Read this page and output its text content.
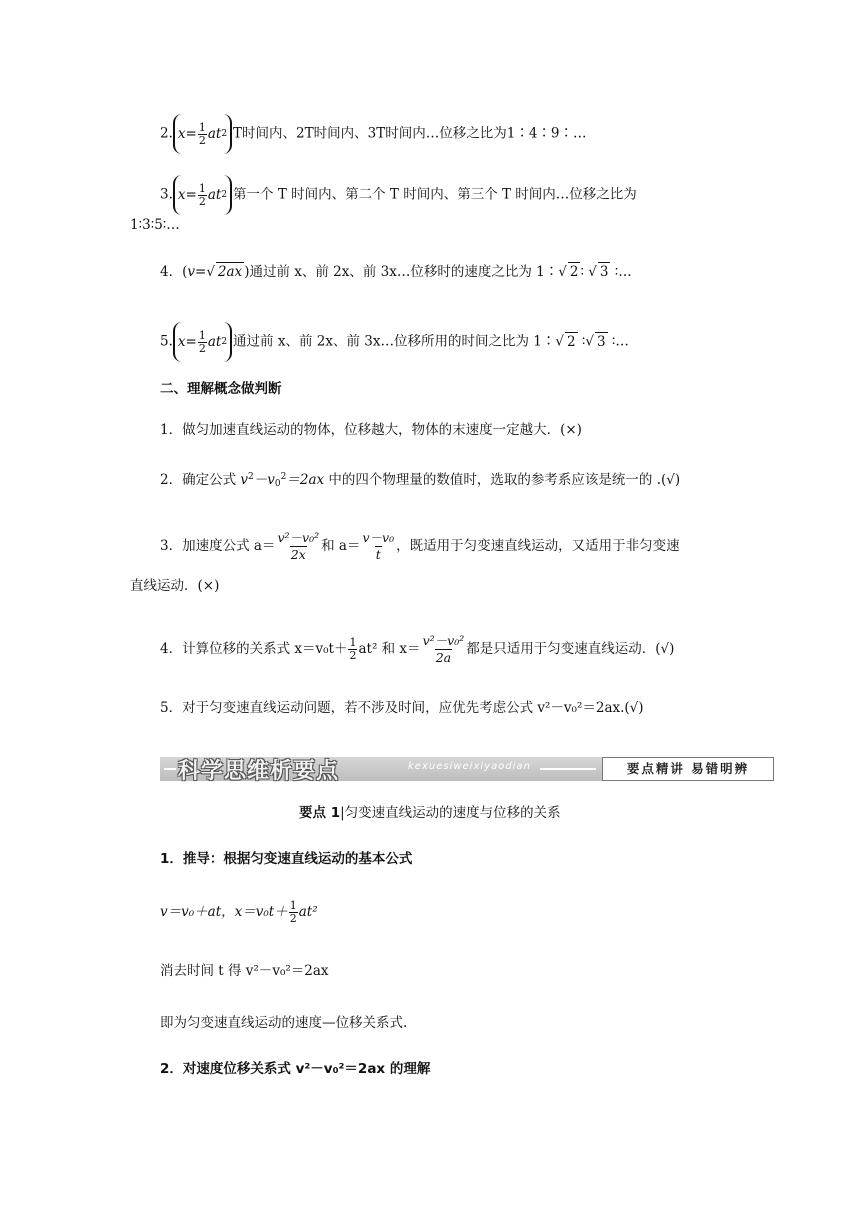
2. $x = \frac{1}{2}$ at 2 T时间内、2T时间内、3T时间内…位移之比为1∶4∶9∶…
3. $x = \frac{1}{2}$ at 2 第一个 T 时间内、第二个 T 时间内、第三个 T 时间内…位移之比为
1∶3∶5∶…
4．(v=√ 2ax )通过前 x、前 2x、前 3x…位移时的速度之比为 1∶√ 2 ∶ √ 3 ∶…
5. $x = \frac{1}{2}$ at 2 通过前 x、前 2x、前 3x…位移所用的时间之比为 1∶√ 2 ∶√ 3 ∶…
二、理解概念做判断
1．做匀加速直线运动的物体，位移越大，物体的末速度一定越大．(×)
2．确定公式 $v^2-v_0^2=2ax$ 中的四个物理量的数值时，选取的参考系应该是统一的 .(√)
3．加速度公式 $a= \frac{\text{v²－v₀²}}{2x}$ 和 $a= \frac{\text{v－v₀}}{t}$ ，既适用于匀变速直线运动，又适用于非匀变速
直线运动．(×)
4．计算位移的关系式 $x=v_0t+ \frac{1}{2} at^2$ 和 $x= \frac{\text{v²－v₀²}}{2a}$ 都是只适用于匀变速直线运动．(√)
5．对于匀变速直线运动问题，若不涉及时间，应优先考虑公式 v²－v₀²＝2ax.(√)
科学思维析要点	kexuesiweixiyaodian	要点精讲 易错明辨
要点 1|匀变速直线运动的速度与位移的关系
1．推导：根据匀变速直线运动的基本公式
v＝v₀＋at，$x=v_0t+ \frac{1}{2} at^2$
消去时间 t 得 v²－v₀²＝2ax
即为匀变速直线运动的速度—位移关系式.
2．对速度位移关系式 v²－v₀²＝2ax 的理解
